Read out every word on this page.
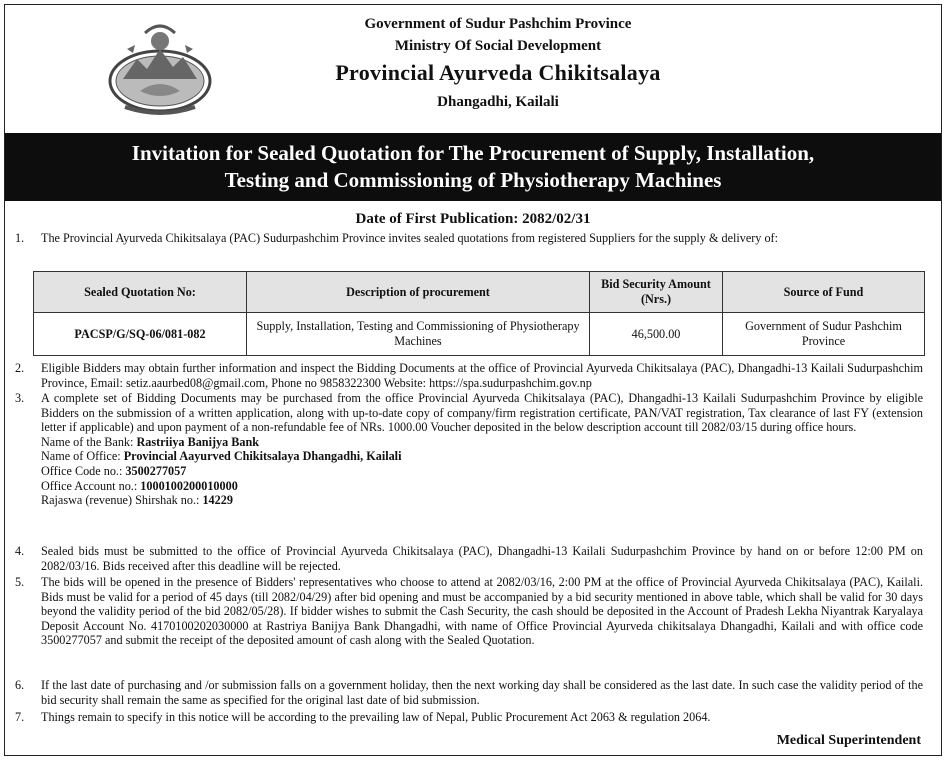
Government of Sudur Pashchim Province
Ministry Of Social Development
Provincial Ayurveda Chikitsalaya
Dhangadhi, Kailali
Invitation for Sealed Quotation for The Procurement of Supply, Installation,
Testing and Commissioning of Physiotherapy Machines
Date of First Publication: 2082/02/31
1. The Provincial Ayurveda Chikitsalaya (PAC) Sudurpashchim Province invites sealed quotations from registered Suppliers for the supply & delivery of:
Sealed Quotation No:	Description of procurement	Bid Security Amount (Nrs.)	Source of Fund
PACSP/G/SQ-06/081-082	Supply, Installation, Testing and Commissioning of Physiotherapy Machines	46,500.00	Government of Sudur Pashchim Province
2. Eligible Bidders may obtain further information and inspect the Bidding Documents at the office of Provincial Ayurveda Chikitsalaya (PAC), Dhangadhi-13 Kailali Sudurpashchim Province, Email: setiz.aaurbed08@gmail.com, Phone no 9858322300 Website: https://spa.sudurpashchim.gov.np
3. A complete set of Bidding Documents may be purchased from the office Provincial Ayurveda Chikitsalaya (PAC), Dhangadhi-13 Kailali Sudurpashchim Province by eligible Bidders on the submission of a written application, along with up-to-date copy of company/firm registration certificate, PAN/VAT registration, Tax clearance of last FY (extension letter if applicable) and upon payment of a non-refundable fee of NRs. 1000.00 Voucher deposited in the below description account till 2082/03/15 during office hours.
Name of the Bank: Rastriiya Banijya Bank
Name of Office: Provincial Aayurved Chikitsalaya Dhangadhi, Kailali
Office Code no.: 3500277057
Office Account no.: 1000100200010000
Rajaswa (revenue) Shirshak no.: 14229
4. Sealed bids must be submitted to the office of Provincial Ayurveda Chikitsalaya (PAC), Dhangadhi-13 Kailali Sudurpashchim Province by hand on or before 12:00 PM on 2082/03/16. Bids received after this deadline will be rejected.
5. The bids will be opened in the presence of Bidders' representatives who choose to attend at 2082/03/16, 2:00 PM at the office of Provincial Ayurveda Chikitsalaya (PAC), Kailali. Bids must be valid for a period of 45 days (till 2082/04/29) after bid opening and must be accompanied by a bid security mentioned in above table, which shall be valid for 30 days beyond the validity period of the bid 2082/05/28). If bidder wishes to submit the Cash Security, the cash should be deposited in the Account of Pradesh Lekha Niyantrak Karyalaya Deposit Account No. 4170100202030000 at Rastriya Banijya Bank Dhangadhi, with name of Office Provincial Ayurveda chikitsalaya Dhangadhi, Kailali and with office code 3500277057 and submit the receipt of the deposited amount of cash along with the Sealed Quotation.
6. If the last date of purchasing and /or submission falls on a government holiday, then the next working day shall be considered as the last date. In such case the validity period of the bid security shall remain the same as specified for the original last date of bid submission.
7. Things remain to specify in this notice will be according to the prevailing law of Nepal, Public Procurement Act 2063 & regulation 2064.
Medical Superintendent
